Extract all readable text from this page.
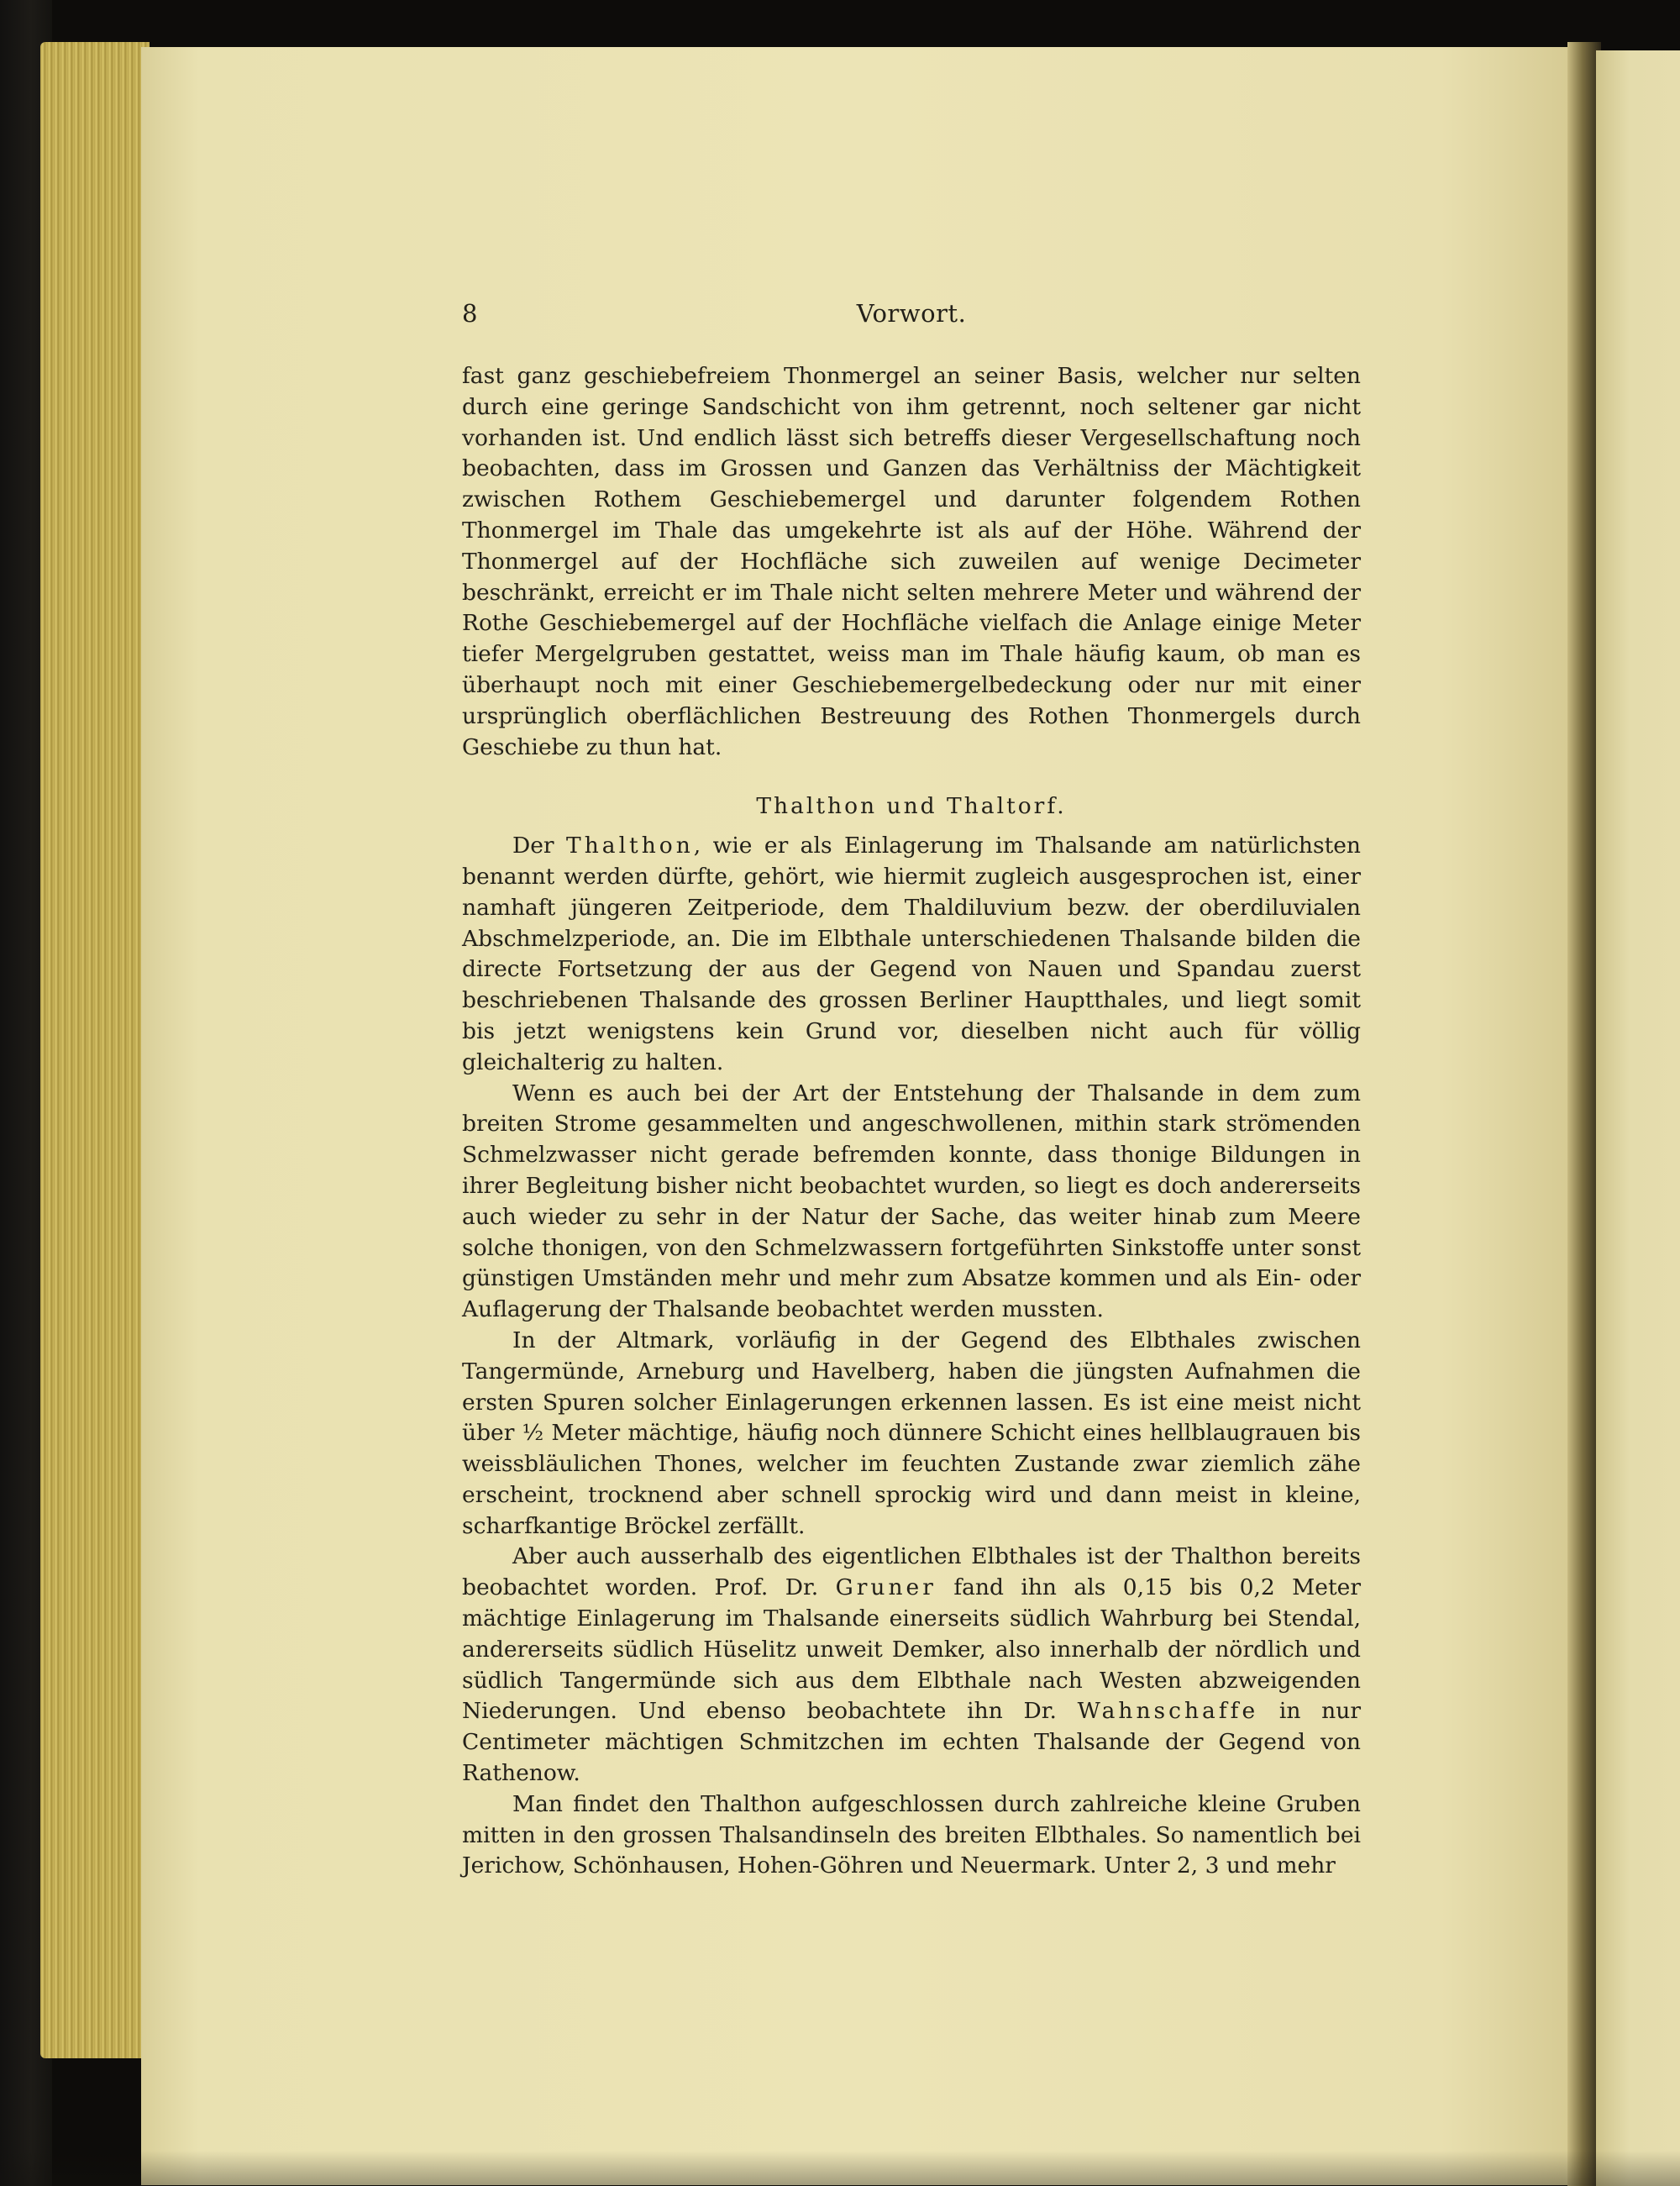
8	Vorwort.

fast ganz geschiebefreiem Thonmergel an seiner Basis, welcher nur selten durch eine geringe Sandschicht von ihm getrennt, noch seltener gar nicht vorhanden ist. Und endlich lässt sich betreffs dieser Vergesellschaftung noch beobachten, dass im Grossen und Ganzen das Verhältniss der Mächtigkeit zwischen Rothem Geschiebemergel und darunter folgendem Rothen Thonmergel im Thale das umgekehrte ist als auf der Höhe. Während der Thonmergel auf der Hochfläche sich zuweilen auf wenige Decimeter beschränkt, erreicht er im Thale nicht selten mehrere Meter und während der Rothe Geschiebemergel auf der Hochfläche vielfach die Anlage einige Meter tiefer Mergelgruben gestattet, weiss man im Thale häufig kaum, ob man es überhaupt noch mit einer Geschiebemergelbedeckung oder nur mit einer ursprünglich oberflächlichen Bestreuung des Rothen Thonmergels durch Geschiebe zu thun hat.

Thalthon und Thaltorf.

Der Thalthon, wie er als Einlagerung im Thalsande am natürlichsten benannt werden dürfte, gehört, wie hiermit zugleich ausgesprochen ist, einer namhaft jüngeren Zeitperiode, dem Thaldiluvium bezw. der oberdiluvialen Abschmelzperiode, an. Die im Elbthale unterschiedenen Thalsande bilden die directe Fortsetzung der aus der Gegend von Nauen und Spandau zuerst beschriebenen Thalsande des grossen Berliner Hauptthales, und liegt somit bis jetzt wenigstens kein Grund vor, dieselben nicht auch für völlig gleichalterig zu halten.

Wenn es auch bei der Art der Entstehung der Thalsande in dem zum breiten Strome gesammelten und angeschwollenen, mithin stark strömenden Schmelzwasser nicht gerade befremden konnte, dass thonige Bildungen in ihrer Begleitung bisher nicht beobachtet wurden, so liegt es doch andererseits auch wieder zu sehr in der Natur der Sache, das weiter hinab zum Meere solche thonigen, von den Schmelzwassern fortgeführten Sinkstoffe unter sonst günstigen Umständen mehr und mehr zum Absatze kommen und als Ein- oder Auflagerung der Thalsande beobachtet werden mussten.

In der Altmark, vorläufig in der Gegend des Elbthales zwischen Tangermünde, Arneburg und Havelberg, haben die jüngsten Aufnahmen die ersten Spuren solcher Einlagerungen erkennen lassen. Es ist eine meist nicht über ½ Meter mächtige, häufig noch dünnere Schicht eines hellblaugrauen bis weissbläulichen Thones, welcher im feuchten Zustande zwar ziemlich zähe erscheint, trocknend aber schnell sprockig wird und dann meist in kleine, scharfkantige Bröckel zerfällt.

Aber auch ausserhalb des eigentlichen Elbthales ist der Thalthon bereits beobachtet worden. Prof. Dr. Gruner fand ihn als 0,15 bis 0,2 Meter mächtige Einlagerung im Thalsande einerseits südlich Wahrburg bei Stendal, andererseits südlich Hüselitz unweit Demker, also innerhalb der nördlich und südlich Tangermünde sich aus dem Elbthale nach Westen abzweigenden Niederungen. Und ebenso beobachtete ihn Dr. Wahnschaffe in nur Centimeter mächtigen Schmitzchen im echten Thalsande der Gegend von Rathenow.

Man findet den Thalthon aufgeschlossen durch zahlreiche kleine Gruben mitten in den grossen Thalsandinseln des breiten Elbthales. So namentlich bei Jerichow, Schönhausen, Hohen-Göhren und Neuermark. Unter 2, 3 und mehr
